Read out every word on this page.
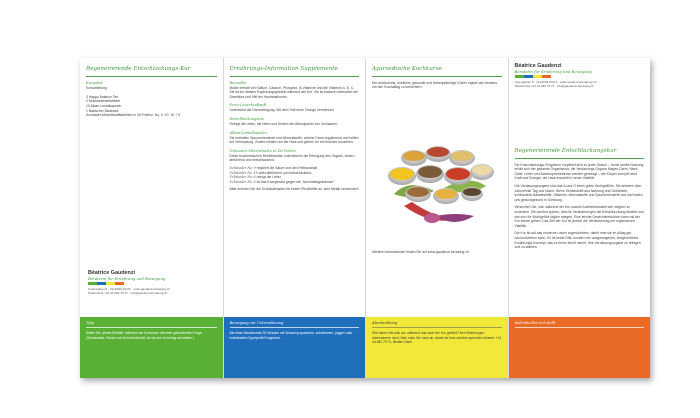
Regenerierende Entschlackungs-Kur
Kurpaket
Kursanleitung

3 Happy Balance Tee
2 Mokkaextrakttablette
10 Alban-Lemidkapseln
1 Basischer Badesalz
Schüssler-Mineralstofftabletten in D6 Potenz: No. 9, 10, 10 + 5
Béatrice Gaudenzi
Beraterin für Ernährung und Bewegung
Untergraben 8 · CH-8049 Zürich · www.gaudenzi-beratung.ch
Telefon/Fax +41 44 482 79 71 · info@gaudenzi-beratung.ch
Tipp
Stillen Sie „kleine Einfälle“ während der Kurwoche mit einer getrockneten Feige, (Schokolade, Kekse und nicht anschnüff, da sie den Kurerfolg schmälern.)
Ernährungs-Information Supplemente
Biomolke
Molke enthält viel Kalium, Calcium, Phosphor, B-Vitamine und die Vitamine A, E, C. Sie ist ein ideales Ergänzungsgetränk während der Kur. Sie ist basisch unterstützt die Darmflora und hilft bei Hautreaktionen.
Freiz-Leuerkraftsaft
Unterstützt die Darmreinigung. Mit dem Saft einer Orange vermehren!
Entschlackungstee
Reinigt die Leber, die Niere und fördert den Ablenkpunkt von Schlacken.
Alban-Lemidkapseln
Sie enthalten Spurenelemente und Mineralstoffe, welche Darm-regulierend und helfen bei Verstopfung. Zudem mildern sie die Haut und gießen ihr ein frisches Aussehen.
Schüssler Mineralsalze in D6 Potenz
Diese biochemischen Betriebssalze unterstützen die Reinigung des Organs, wirken abführend und entschlackend.
Schüssler No 9 reguliert die Säure und den Fettbaushalt.
Schüssler No 10 wirkt abführend und entschlackend.
Schüssler No 6 reinigt die Leber.
Schüssler No 5 ist das Energiesalz gegen die „Nachmittagsbremse“.
Bitte nehmen Sie die Schüsslersalze mit einem Plexiklöffel an, kein Metall verwenden!
Bewegung zur Unterstützung
Bei einer Marschroute 30 Minuten mit Schwung spazieren, schwimmen, joggen oder individuelles Sportprofil-Programm.
Ayurvedische Kochkurse
Die wohltuende, sinnliche, gesunde und farbenprächtige Küche eignet sich bestens, um den Kochalltag zu bereichern.
Weitere Informationen finden Sie auf www.gaudenzi-beratung.ch
Abschreibung
Wie haben Sie sich wo, während und nach der Kur gefühlt? Ihre Erfahrungen interessieren mich; bitte rufen Sie mich an, damit wir kurz darüber sprechen können: +41 44 482 79 71, Besten Dank.
Béatrice Gaudenzi
Beraterin für Ernährung und Bewegung
Untergraben 8 · CH-8049 Zürich · www.gaudenzi-beratung.ch
Telefon/Fax +41 44 482 79 71 · info@gaudenzi-beratung.ch
Regenerierende Entschlackungskur

Ein Entschlackungs-Programm empfiehlt sich zu jeder Saison – durch sanfte Nahrung erhält sich der gesamte Organismus; die Verdauungs-Organe Magen-Darm, Niere, Galle, Leber und Bauchspeicheldrüse werden gereinigt – der Körper schöpft neue Kraft und Energie; die Haut erstrahlt in neuer Vitalität.

Die Verdauungsorgane sind das A und O eines guten Wohlgefühls. Sie arbeiten über Jahrzehnte Tag und Nacht. Wenn Schadstoffe aus Nahrung und Getränken, schlüssiede Ballaststoffe, Vitamine, Mineralstoffe und Spurenelemente auf und halten uns gesundgesund in Schwung.

Versuchen Sie, sich während der Kur sowohl Aufmerksamkeit wie möglich zu schenken. Sie werden spüren, welche Veränderungen die Entschla-ckung bewirkt und wie sich Ihr Wohlgefühl täglich steigert. Eine leichte Gewichtsreduktion kann mit der Kur einher gehen. Das Ziel der Kur ist jedoch die Verbesserung der organischen Vitalität.

Die Kur ist auf das moderne Leben zugeschnitten, damit man sie im Alltag gut nachvollziehen kann. Es ist keine Diät, sondern ein ausgewogenes, zielgerichtetes Ernährungs-Konzept, das es Ihnen leicht macht, Ihre Verdauungsorgane zu reinigen und zu stärken.

Individuelles Set stellt
